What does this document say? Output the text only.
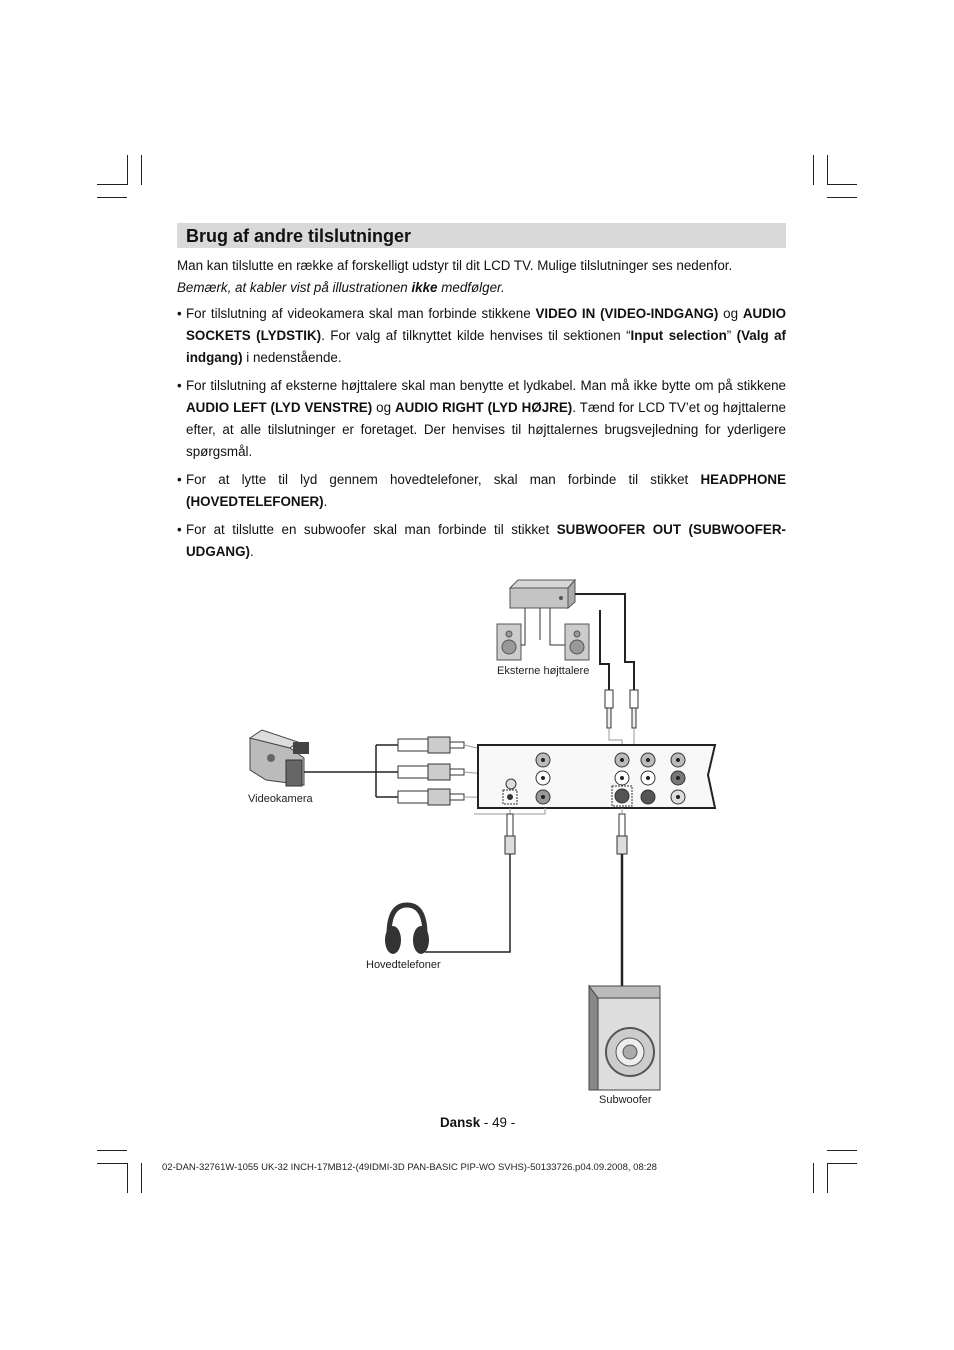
Brug af andre tilslutninger

Man kan tilslutte en række af forskelligt udstyr til dit LCD TV. Mulige tilslutninger ses nedenfor.

Bemærk, at kabler vist på illustrationen ikke medfølger.

• For tilslutning af videokamera skal man forbinde stikkene VIDEO IN (VIDEO-INDGANG) og AUDIO SOCKETS (LYDSTIK). For valg af tilknyttet kilde henvises til sektionen “Input selection” (Valg af indgang) i nedenstående.

• For tilslutning af eksterne højttalere skal man benytte et lydkabel. Man må ikke bytte om på stikkene AUDIO LEFT (LYD VENSTRE) og AUDIO RIGHT (LYD HØJRE). Tænd for LCD TV’et og højttalerne efter, at alle tilslutninger er foretaget. Der henvises til højttalernes brugsvejledning for yderligere spørgsmål.

• For at lytte til lyd gennem hovedtelefoner, skal man forbinde til stikket HEADPHONE (HOVEDTELEFONER).

• For at tilslutte en subwoofer skal man forbinde til stikket SUBWOOFER OUT (SUBWOOFER-UDGANG).

Eksterne højttalere
Videokamera
Hovedtelefoner
Subwoofer
Dansk - 49 -
02-DAN-32761W-1055 UK-32 INCH-17MB12-(49IDMI-3D PAN-BASIC PIP-WO SVHS)-50133726.p04.09.2008, 08:28
